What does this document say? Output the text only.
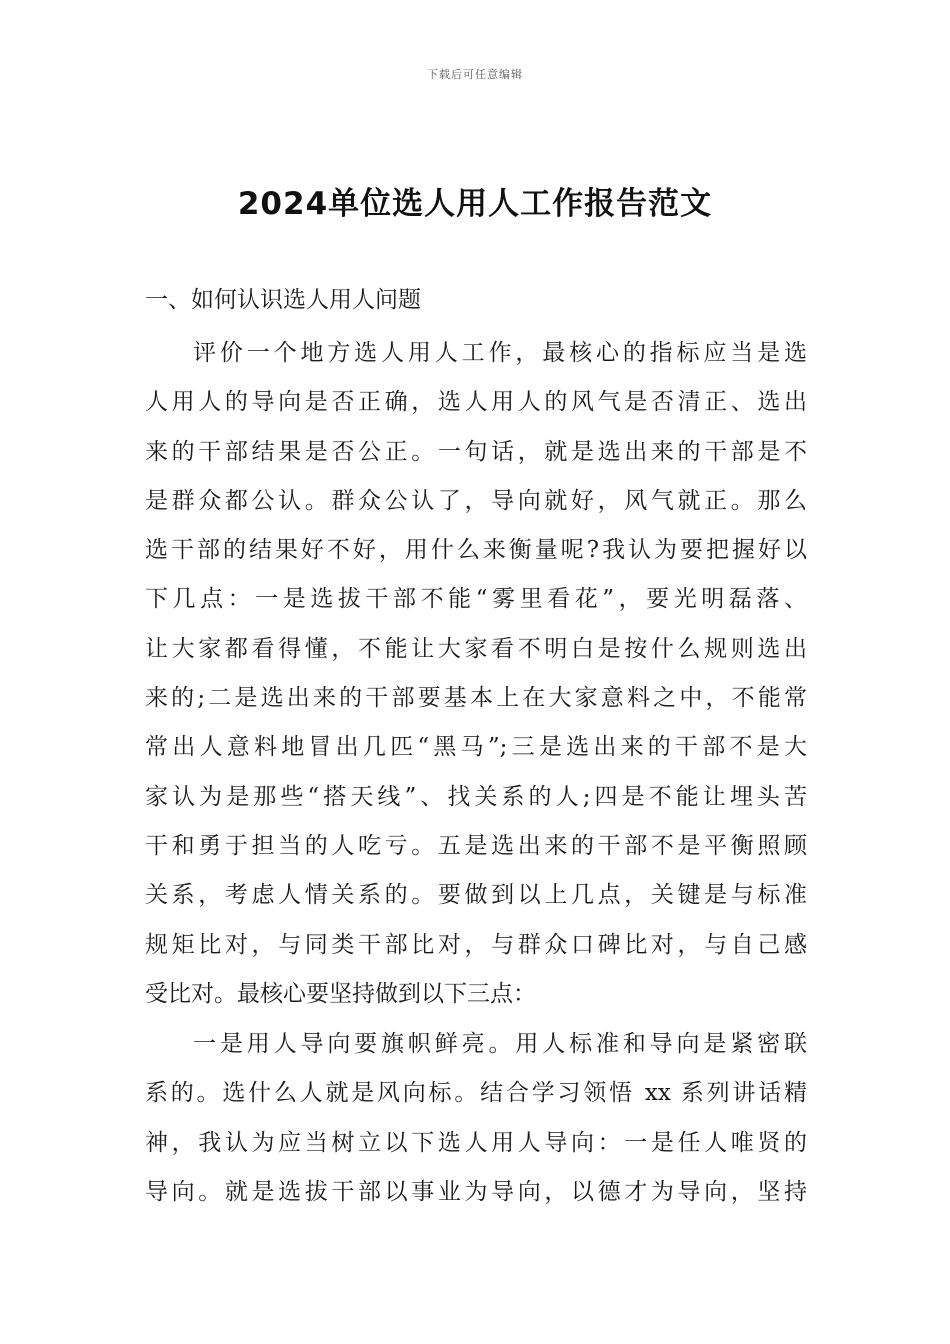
下载后可任意编辑
2024单位选人用人工作报告范文
一、如何认识选人用人问题
评价一个地方选人用人工作，最核心的指标应当是选
人用人的导向是否正确，选人用人的风气是否清正、选出
来的干部结果是否公正。一句话，就是选出来的干部是不
是群众都公认。群众公认了，导向就好，风气就正。那么
选干部的结果好不好，用什么来衡量呢?我认为要把握好以
下几点：一是选拔干部不能“雾里看花”，要光明磊落、
让大家都看得懂，不能让大家看不明白是按什么规则选出
来的;二是选出来的干部要基本上在大家意料之中，不能常
常出人意料地冒出几匹“黑马”;三是选出来的干部不是大
家认为是那些“搭天线”、找关系的人;四是不能让埋头苦
干和勇于担当的人吃亏。五是选出来的干部不是平衡照顾
关系，考虑人情关系的。要做到以上几点，关键是与标准
规矩比对，与同类干部比对，与群众口碑比对，与自己感
受比对。最核心要坚持做到以下三点：
一是用人导向要旗帜鲜亮。用人标准和导向是紧密联
系的。选什么人就是风向标。结合学习领悟 xx 系列讲话精
神，我认为应当树立以下选人用人导向：一是任人唯贤的
导向。就是选拔干部以事业为导向，以德才为导向，坚持
